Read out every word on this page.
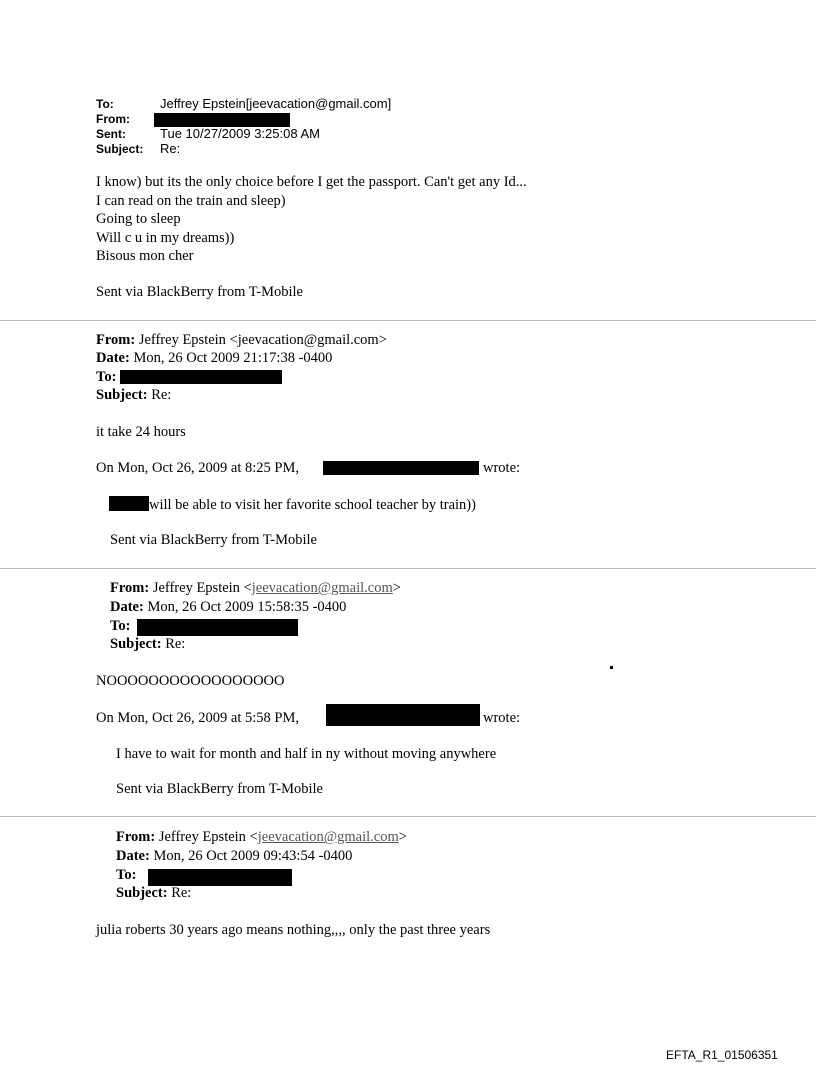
To:	Jeffrey Epstein[jeevacation@gmail.com]
From:
Sent:	Tue 10/27/2009 3:25:08 AM
Subject: Re:
I know) but its the only choice before I get the passport. Can't get any Id...
I can read on the train and sleep)
Going to sleep
Will c u in my dreams))
Bisous mon cher
Sent via BlackBerry from T-Mobile
From: Jeffrey Epstein <jeevacation@gmail.com>
Date: Mon, 26 Oct 2009 21:17:38 -0400
To:
Subject: Re:
it take 24 hours
On Mon, Oct 26, 2009 at 8:25 PM,	wrote:
will be able to visit her favorite school teacher by train))
Sent via BlackBerry from T-Mobile
From: Jeffrey Epstein <jeevacation@gmail.com>
Date: Mon, 26 Oct 2009 15:58:35 -0400
To:
Subject: Re:
NOOOOOOOOOOOOOOOOO
On Mon, Oct 26, 2009 at 5:58 PM,	wrote:
I have to wait for month and half in ny without moving anywhere
Sent via BlackBerry from T-Mobile
From: Jeffrey Epstein <jeevacation@gmail.com>
Date: Mon, 26 Oct 2009 09:43:54 -0400
To:
Subject: Re:
julia roberts 30 years ago means nothing,,,, only the past three years
EFTA_R1_01506351
